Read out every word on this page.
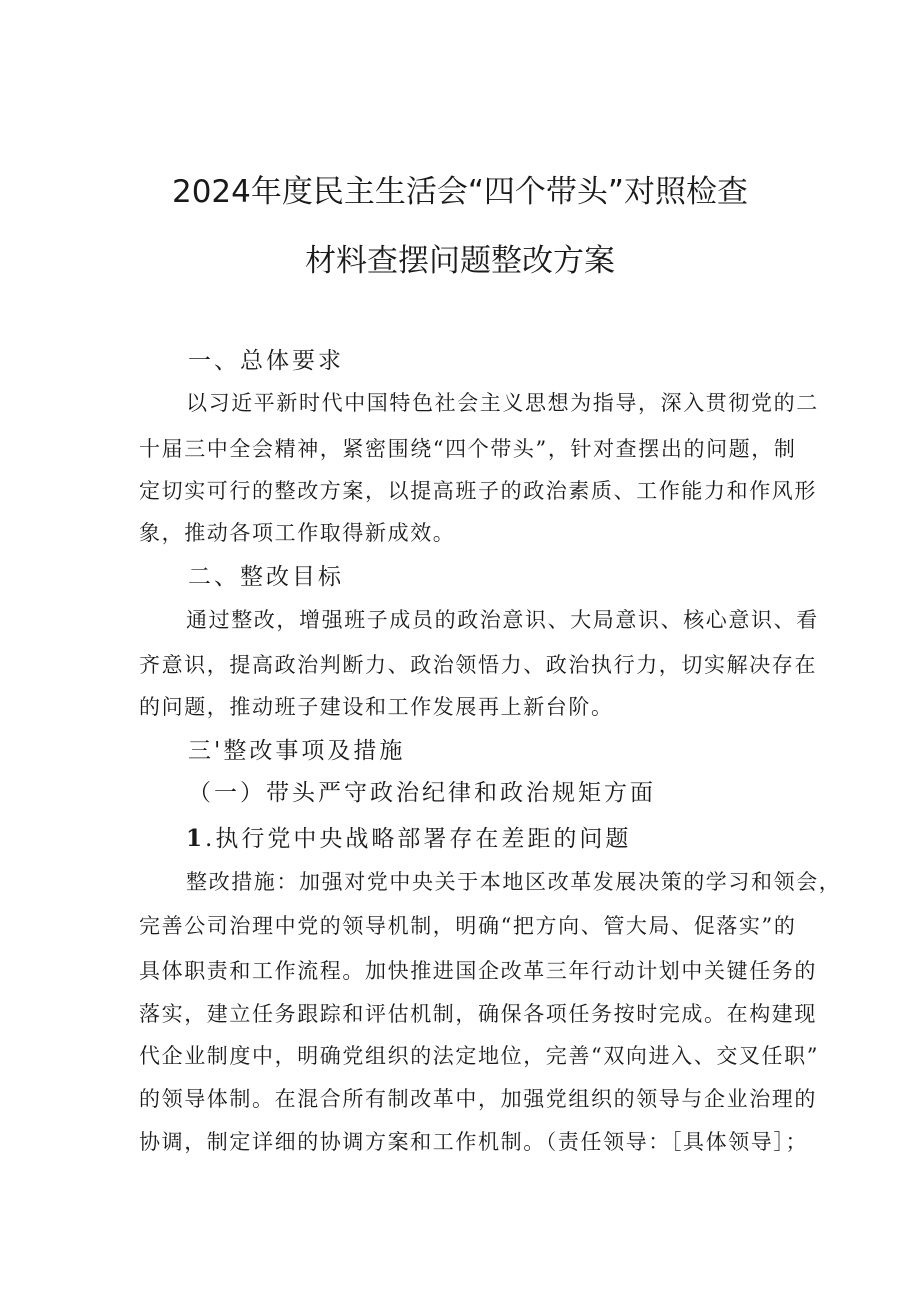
2024年度民主生活会“四个带头”对照检查
材料查摆问题整改方案
一、总体要求
以习近平新时代中国特色社会主义思想为指导，深入贯彻党的二
十届三中全会精神，紧密围绕“四个带头”，针对查摆出的问题，制
定切实可行的整改方案，以提高班子的政治素质、工作能力和作风形
象，推动各项工作取得新成效。
二、整改目标
通过整改，增强班子成员的政治意识、大局意识、核心意识、看
齐意识，提高政治判断力、政治领悟力、政治执行力，切实解决存在
的问题，推动班子建设和工作发展再上新台阶。
三'整改事项及措施
（一）带头严守政治纪律和政治规矩方面
1.执行党中央战略部署存在差距的问题
整改措施：加强对党中央关于本地区改革发展决策的学习和领会，
完善公司治理中党的领导机制，明确“把方向、管大局、促落实”的
具体职责和工作流程。加快推进国企改革三年行动计划中关键任务的
落实，建立任务跟踪和评估机制，确保各项任务按时完成。在构建现
代企业制度中，明确党组织的法定地位，完善“双向进入、交叉任职”
的领导体制。在混合所有制改革中，加强党组织的领导与企业治理的
协调，制定详细的协调方案和工作机制。（责任领导：［具体领导］；
